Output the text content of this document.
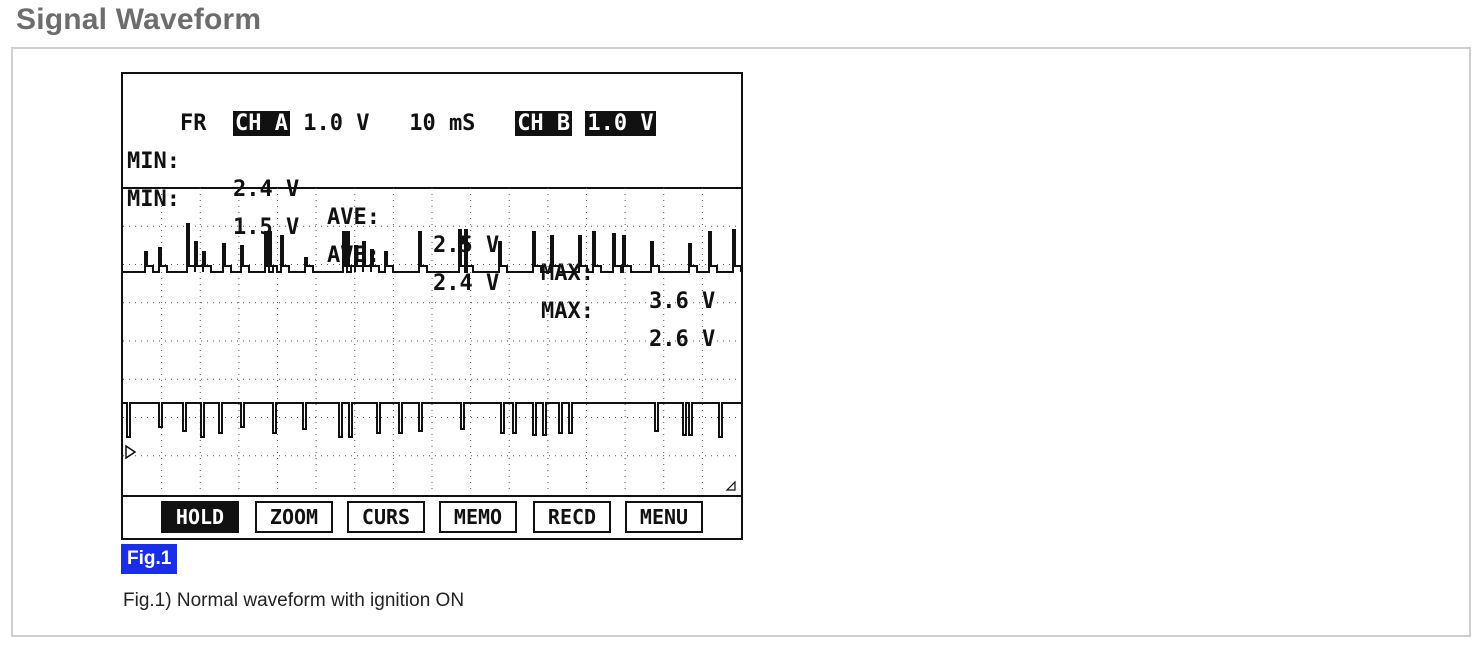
Signal Waveform

FR CH A 1.0 V 10 mS CH B 1.0 V

MIN:

2.4 V

AVE:

2.5 V

MAX:

3.6 V

MIN:

1.5 V

AVE:

2.4 V

MAX:

2.6 V

HOLD	ZOOM	CURS	MEMO	RECD	MENU
Fig.1
Fig.1) Normal waveform with ignition ON
